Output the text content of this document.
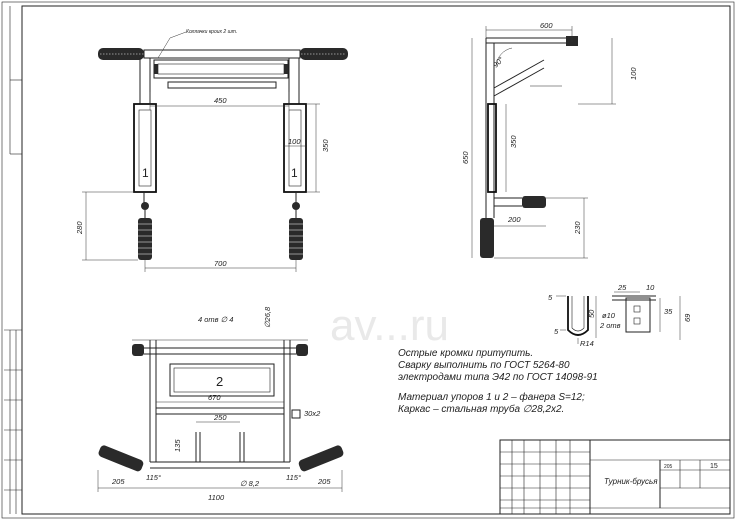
Коллачки кроих 2 шт.
450
100	350
280
700
1	1
600
90°
100
350
650
200
230
5
50
5
ø10
2 отв
R14
25	10
35
69
4 отв ∅ 4	∅26,8
2
670
250
135
30x2
205	115°
∅ 8,2
115° 205
1100
Острые кромки притупить.
Сварку выполнить по ГОСТ 5264-80
электродами типа Э42 по ГОСТ 14098-91
Материал упоров 1 и 2 – фанера S=12;
Каркас – стальная труба ∅28,2x2.
Турник-брусья
15
205
av...ru
